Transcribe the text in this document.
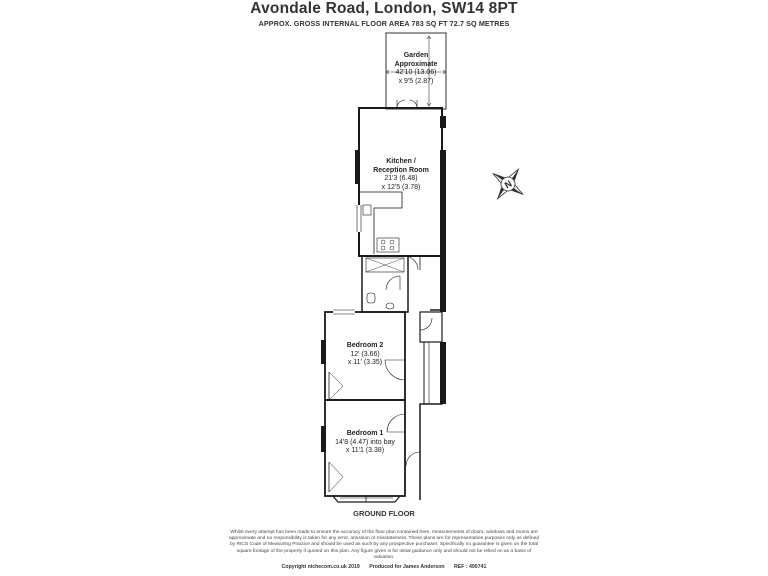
Avondale Road, London, SW14 8PT
APPROX. GROSS INTERNAL FLOOR AREA 783 SQ FT 72.7 SQ METRES
N
Garden
Approximate
42'10 (13.06)
x 9'5 (2.87)
Kitchen /
Reception Room
21'3 (6.48)
x 12'5 (3.78)
Bedroom 2
12' (3.66)
x 11' (3.35)
Bedroom 1
14'8 (4.47) into bay
x 11'1 (3.38)
GROUND FLOOR
Whilst every attempt has been made to ensure the accuracy of the floor plan contained here, measurements of doors, windows and rooms are approximate and no responsibility is taken for any error, omission or misstatement. These plans are for representation purposes only as defined by RICS Code of Measuring Practice and should be used as such by any prospective purchaser. Specifically no guarantee is given on the total square footage of the property if quoted on this plan. Any figure given is for initial guidance only and should not be relied on as a basis of valuation.
Copyright nichecom.co.uk 2019 Produced for James Anderson REF : 490741
